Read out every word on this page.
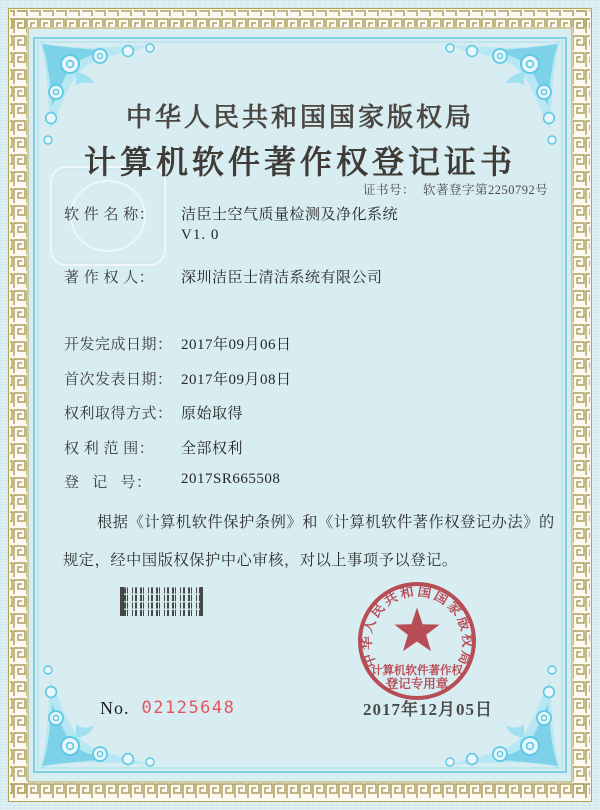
中华人民共和国国家版权局
计算机软件著作权登记证书
证书号： 软著登字第2250792号
软 件 名 称： 洁臣士空气质量检测及净化系统
V1. 0
著 作 权 人： 深圳洁臣士清洁系统有限公司
开发完成日期： 2017年09月06日
首次发表日期： 2017年09月08日
权利取得方式： 原始取得
权 利 范 围： 全部权利
登   记   号： 2017SR665508
根据《计算机软件保护条例》和《计算机软件著作权登记办法》的
规定，经中国版权保护中心审核，对以上事项予以登记。
2017年12月05日
No. 02125648
中华人民共和国国家版权局
计算机软件著作权
登记专用章
